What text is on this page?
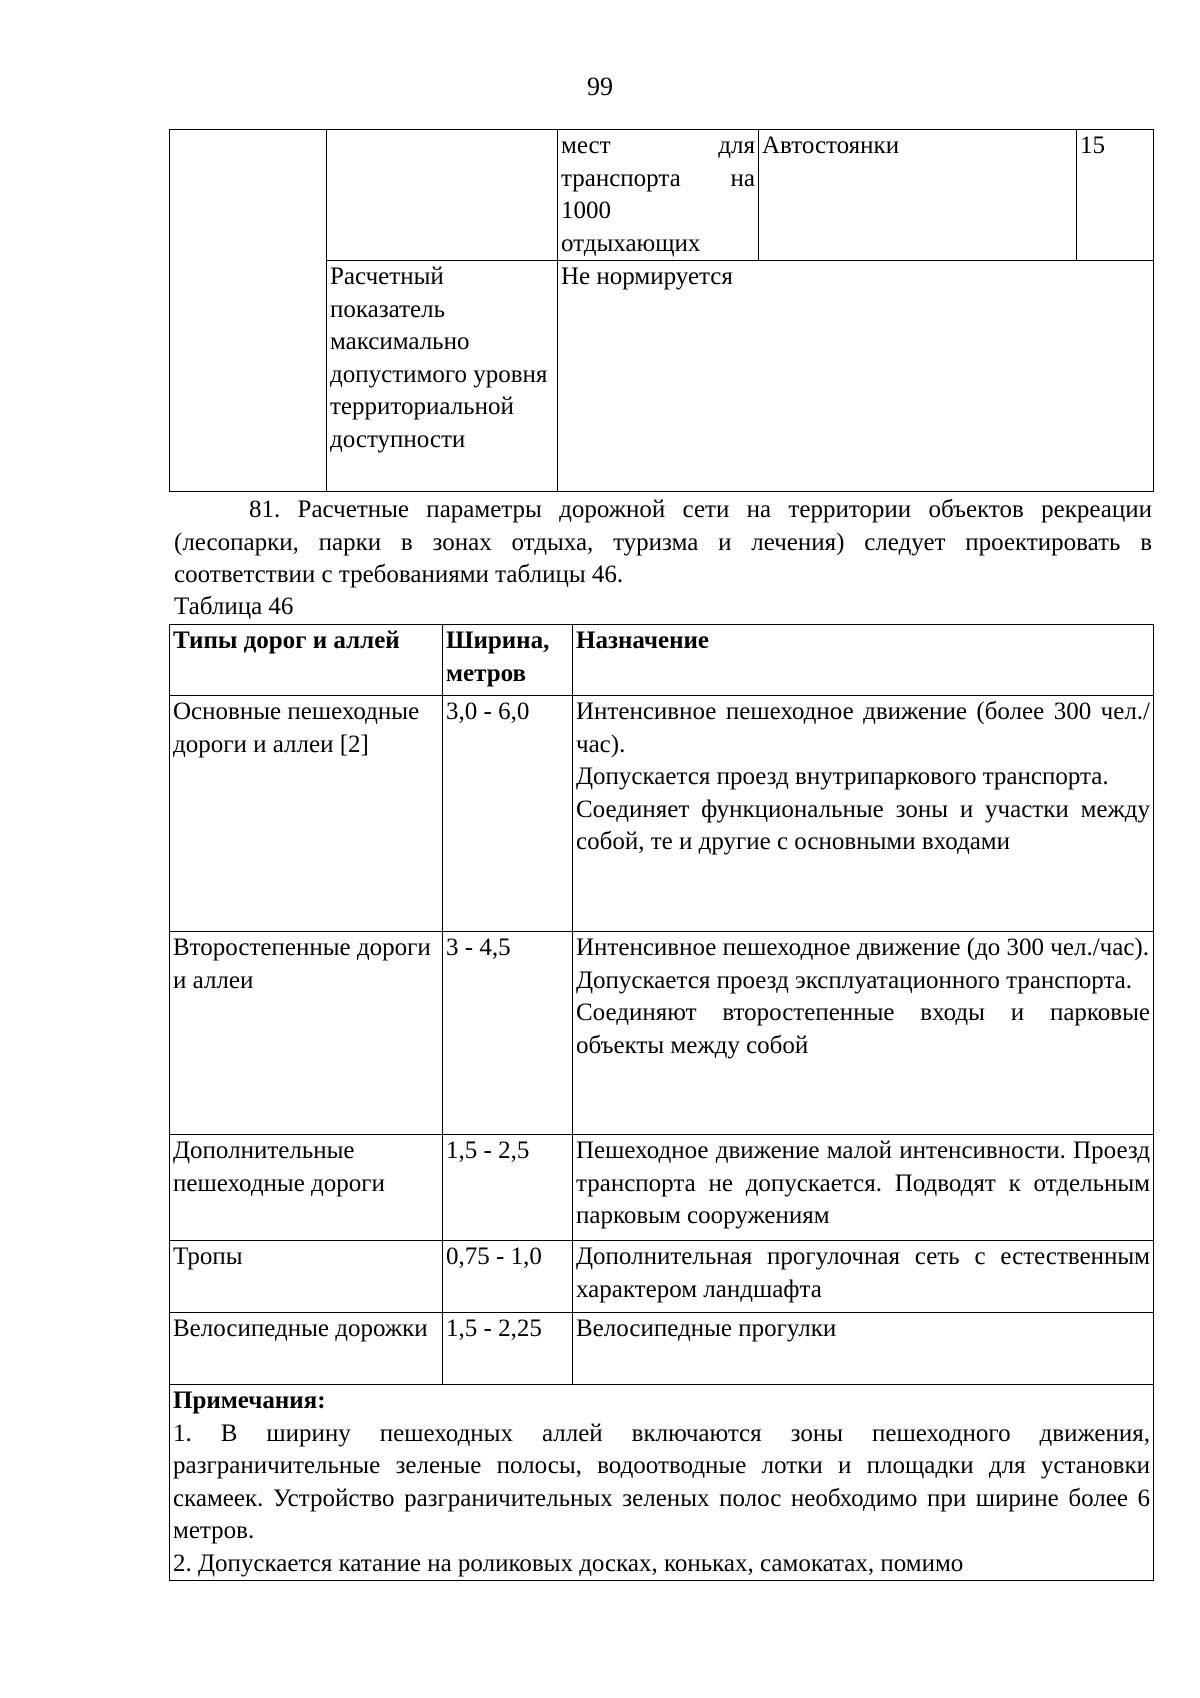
99
		мест для транспорта на 1000 отдыхающих	Автостоянки	15
	Расчетный показатель максимально допустимого уровня территориальной доступности	Не нормируется		
81. Расчетные параметры дорожной сети на территории объектов рекреации (лесопарки, парки в зонах отдыха, туризма и лечения) следует проектировать в соответствии с требованиями таблицы 46.
Таблица 46
Типы дорог и аллей	Ширина, метров	Назначение
Основные пешеходные дороги и аллеи [2]	3,0 - 6,0	Интенсивное пешеходное движение (более 300 чел./час).
Допускается проезд внутрипаркового транспорта.
Соединяет функциональные зоны и участки между собой, те и другие с основными входами

Второстепенные дороги и аллеи	3 - 4,5	Интенсивное пешеходное движение (до 300 чел./час).
Допускается проезд эксплуатационного транспорта.
Соединяют второстепенные входы и парковые объекты между собой

Дополнительные пешеходные дороги	1,5 - 2,5	Пешеходное движение малой интенсивности. Проезд транспорта не допускается. Подводят к отдельным парковым сооружениям

Тропы	0,75 - 1,0	Дополнительная прогулочная сеть с естественным характером ландшафта

Велосипедные дорожки	1,5 - 2,25	Велосипедные прогулки

Примечания:
1. В ширину пешеходных аллей включаются зоны пешеходного движения, разграничительные зеленые полосы, водоотводные лотки и площадки для установки скамеек. Устройство разграничительных зеленых полос необходимо при ширине более 6 метров.
2. Допускается катание на роликовых досках, коньках, самокатах, помимо		
